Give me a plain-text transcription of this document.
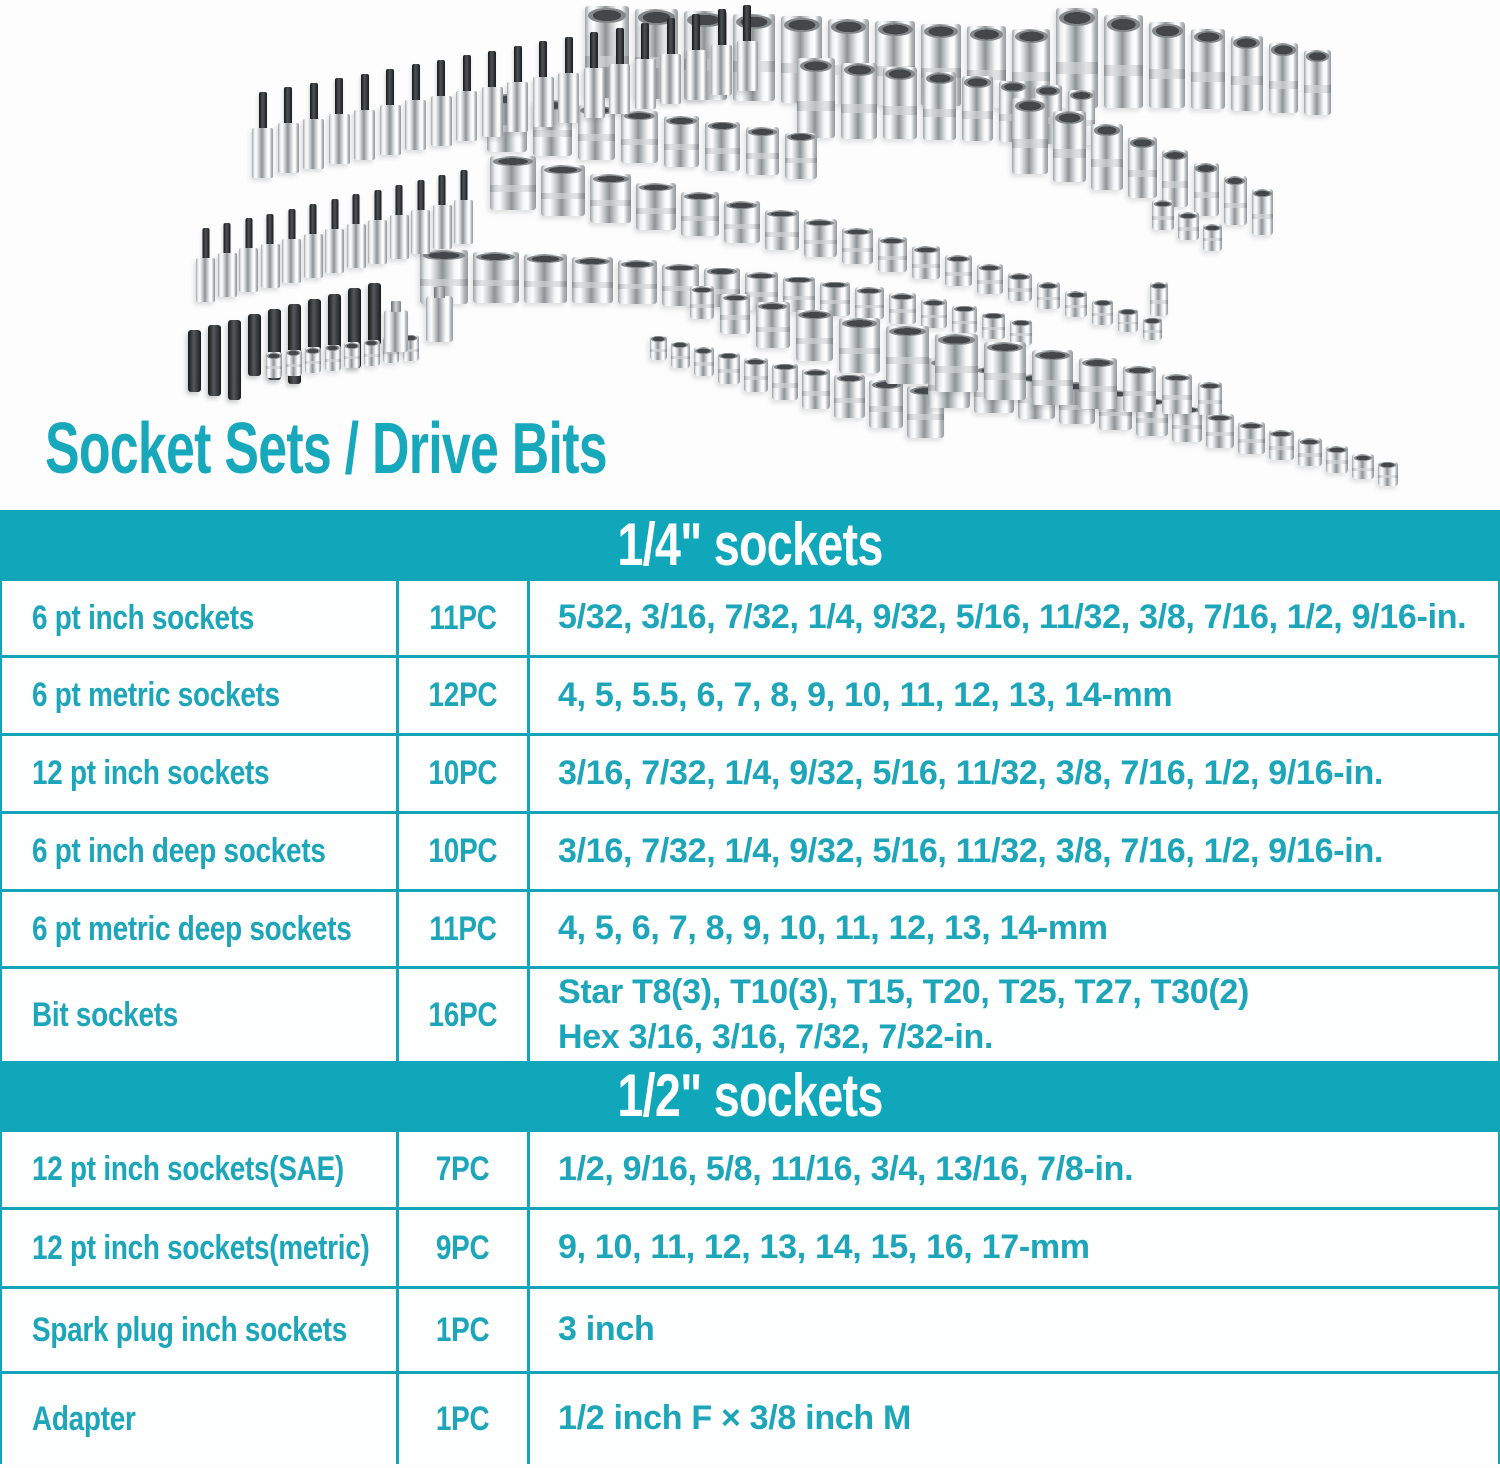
Socket Sets / Drive Bits
1/4" sockets
6 pt inch sockets	11PC 5/32, 3/16, 7/32, 1/4, 9/32, 5/16, 11/32, 3/8, 7/16, 1/2, 9/16-in.
6 pt metric sockets	12PC 4, 5, 5.5, 6, 7, 8, 9, 10, 11, 12, 13, 14-mm
12 pt inch sockets	10PC 3/16, 7/32, 1/4, 9/32, 5/16, 11/32, 3/8, 7/16, 1/2, 9/16-in.
6 pt inch deep sockets	10PC 3/16, 7/32, 1/4, 9/32, 5/16, 11/32, 3/8, 7/16, 1/2, 9/16-in.
6 pt metric deep sockets 11PC 4, 5, 6, 7, 8, 9, 10, 11, 12, 13, 14-mm
Bit sockets	16PC
Star T8(3), T10(3), T15, T20, T25, T27, T30(2)
Hex 3/16, 3/16, 7/32, 7/32-in.
1/2" sockets
12 pt inch sockets(SAE)	7PC 1/2, 9/16, 5/8, 11/16, 3/4, 13/16, 7/8-in.
12 pt inch sockets(metric) 9PC 9, 10, 11, 12, 13, 14, 15, 16, 17-mm
Spark plug inch sockets	1PC 3 inch
Adapter	1PC 1/2 inch F × 3/8 inch M
